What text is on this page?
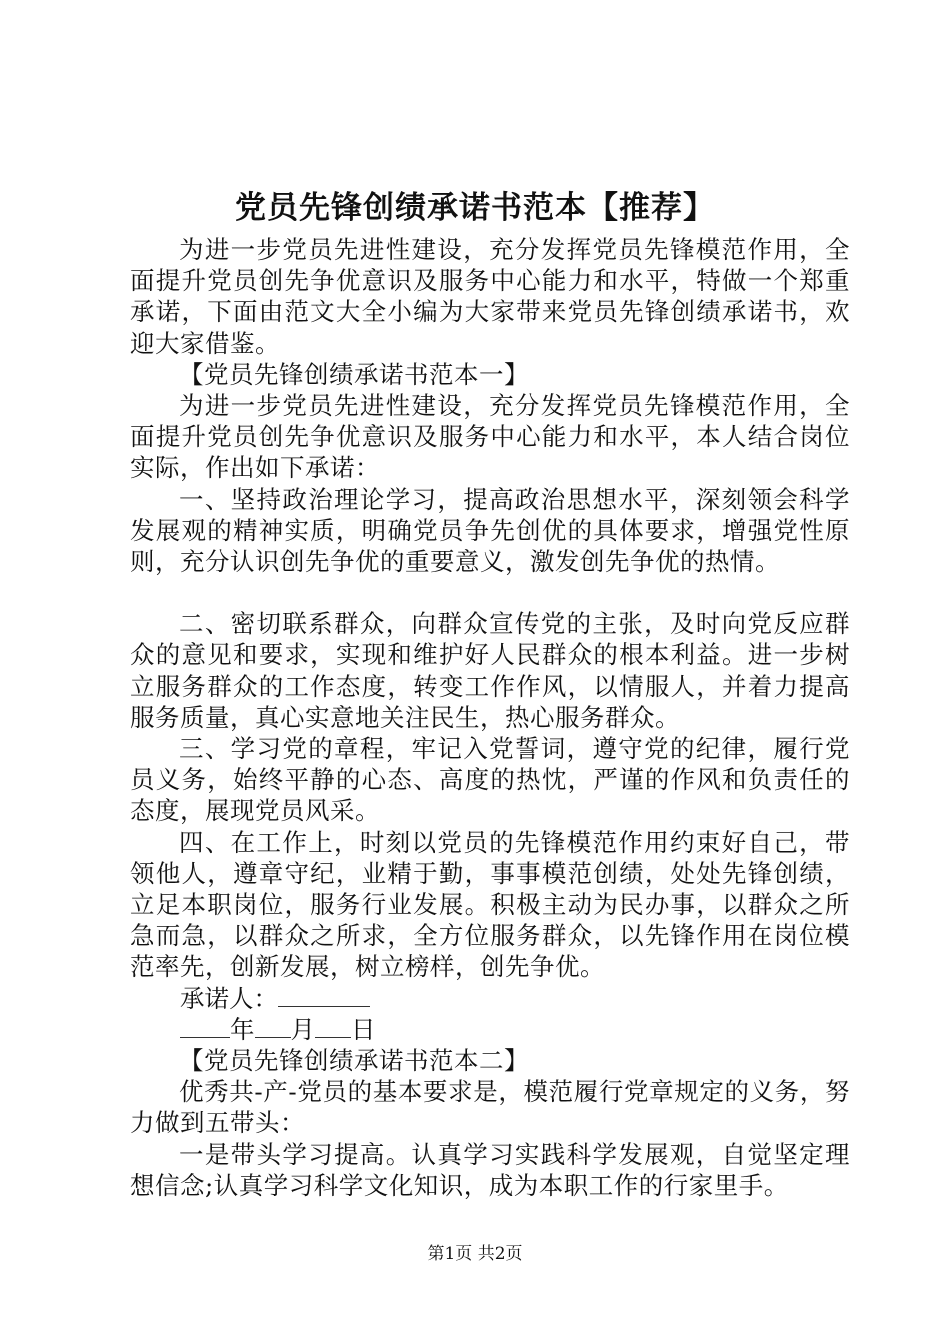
党员先锋创绩承诺书范本【推荐】

为进一步党员先进性建设，充分发挥党员先锋模范作用，全面提升党员创先争优意识及服务中心能力和水平，特做一个郑重承诺，下面由范文大全小编为大家带来党员先锋创绩承诺书，欢迎大家借鉴。

【党员先锋创绩承诺书范本一】

为进一步党员先进性建设，充分发挥党员先锋模范作用，全面提升党员创先争优意识及服务中心能力和水平，本人结合岗位实际，作出如下承诺：

一、坚持政治理论学习，提高政治思想水平，深刻领会科学发展观的精神实质，明确党员争先创优的具体要求，增强党性原则，充分认识创先争优的重要意义，激发创先争优的热情。

二、密切联系群众，向群众宣传党的主张，及时向党反应群众的意见和要求，实现和维护好人民群众的根本利益。进一步树立服务群众的工作态度，转变工作作风，以情服人，并着力提高服务质量，真心实意地关注民生，热心服务群众。

三、学习党的章程，牢记入党誓词，遵守党的纪律，履行党员义务，始终平静的心态、高度的热忱，严谨的作风和负责任的态度，展现党员风采。

四、在工作上，时刻以党员的先锋模范作用约束好自己，带领他人，遵章守纪，业精于勤，事事模范创绩，处处先锋创绩，立足本职岗位，服务行业发展。积极主动为民办事，以群众之所急而急，以群众之所求，全方位服务群众，以先锋作用在岗位模范率先，创新发展，树立榜样，创先争优。

承诺人：

年 月 日

【党员先锋创绩承诺书范本二】

优秀共-产-党员的基本要求是，模范履行党章规定的义务，努力做到五带头：

一是带头学习提高。认真学习实践科学发展观，自觉坚定理想信念;认真学习科学文化知识，成为本职工作的行家里手。

第1页 共2页
